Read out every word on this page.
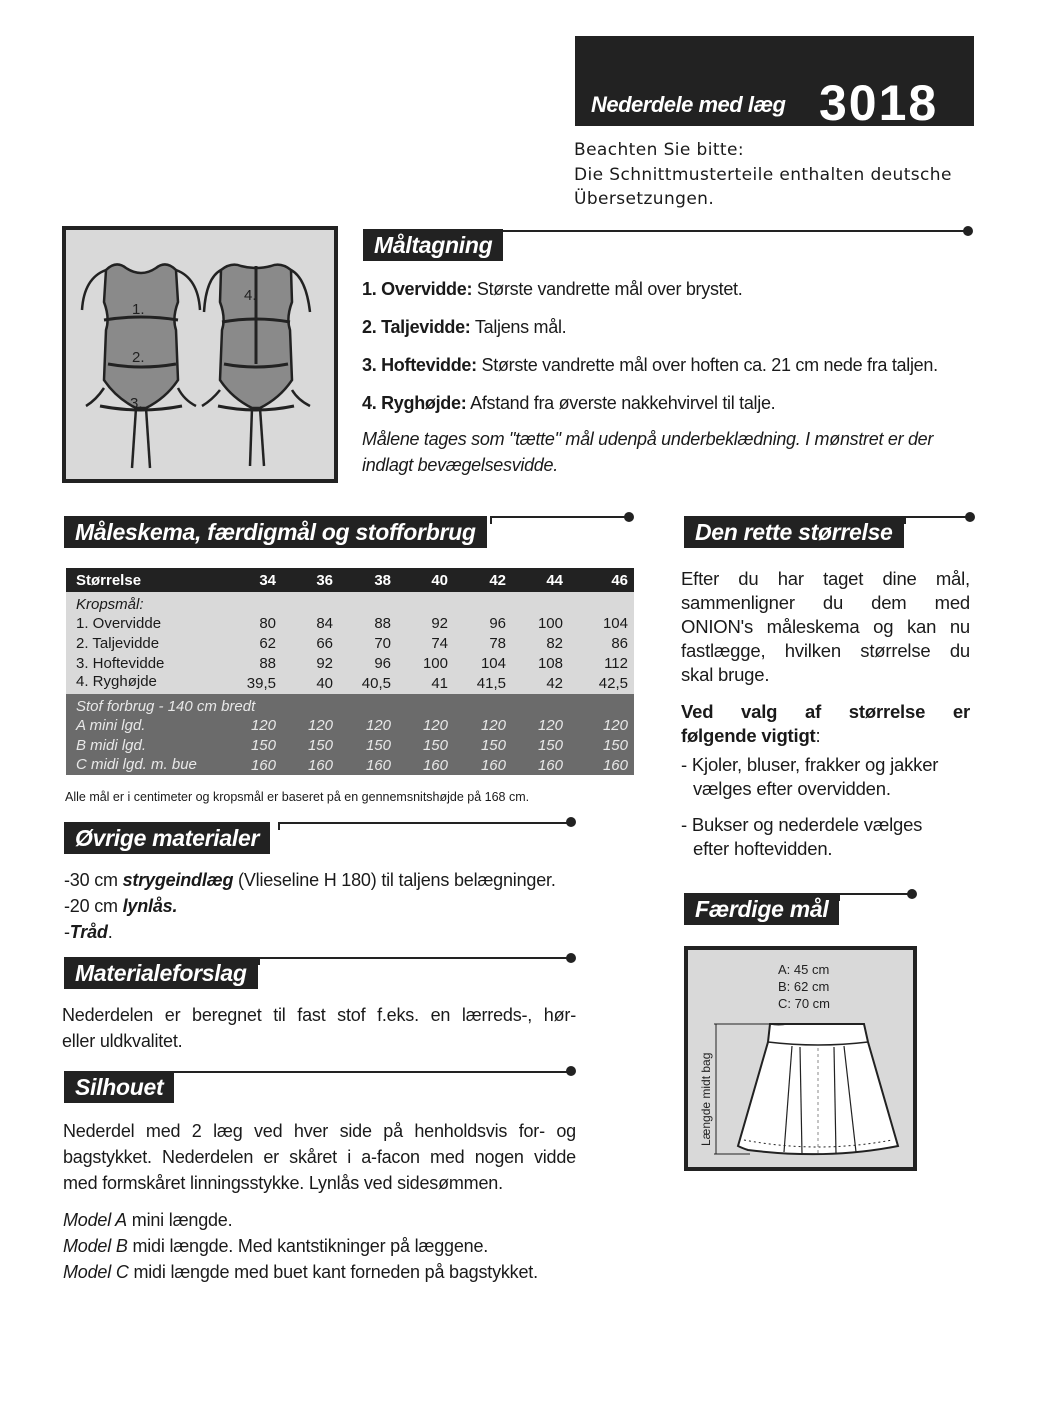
Nederdele med læg 3018
Beachten Sie bitte:
Die Schnittmusterteile enthalten deutsche
Übersetzungen.
1.
2.
3.
4.
Måltagning
1. Overvidde: Største vandrette mål over brystet.
2. Taljevidde: Taljens mål.
3. Hoftevidde: Største vandrette mål over hoften ca. 21 cm nede fra taljen.
4. Ryghøjde: Afstand fra øverste nakkehvirvel til talje.
Målene tages som "tætte" mål udenpå underbeklædning. I mønstret er der
indlagt bevægelsesvidde.
Måleskema, færdigmål og stofforbrug
Størrelse	34	36	38	40	42	44	46
Kropsmål:							
1. Overvidde	80	84	88	92	96	100	104
2. Taljevidde	62	66	70	74	78	82	86
3. Hoftevidde	88	92	96	100	104	108	112
4. Ryghøjde	39,5	40	40,5	41	41,5	42	42,5
Stof forbrug - 140 cm bredt							
A mini lgd.	120	120	120	120	120	120	120
B midi lgd.	150	150	150	150	150	150	150
C midi lgd. m. bue	160	160	160	160	160	160	160
Alle mål er i centimeter og kropsmål er baseret på en gennemsnitshøjde på 168 cm.
Øvrige materialer
-30 cm strygeindlæg (Vlieseline H 180) til taljens belægninger.
-20 cm lynlås.
-Tråd.
Materialeforslag
Nederdelen er beregnet til fast stof f.eks. en lærreds-, hør-
eller uldkvalitet.
Silhouet
Nederdel med 2 læg ved hver side på henholdsvis for- og
bagstykket. Nederdelen er skåret i a-facon med nogen vidde
med formskåret linningsstykke. Lynlås ved sidesømmen.
Model A mini længde.
Model B midi længde. Med kantstikninger på læggene.
Model C midi længde med buet kant forneden på bagstykket.
Den rette størrelse
Efter du har taget dine mål,
sammenligner du dem med
ONION's måleskema og kan nu
fastlægge, hvilken størrelse du
skal bruge.
Ved valg af størrelse er
følgende vigtigt:
- Kjoler, bluser, frakker og jakker
vælges efter overvidden.
- Bukser og nederdele vælges
efter hoftevidden.
Færdige mål
A: 45 cm
B: 62 cm
C: 70 cm
Længde midt bag
